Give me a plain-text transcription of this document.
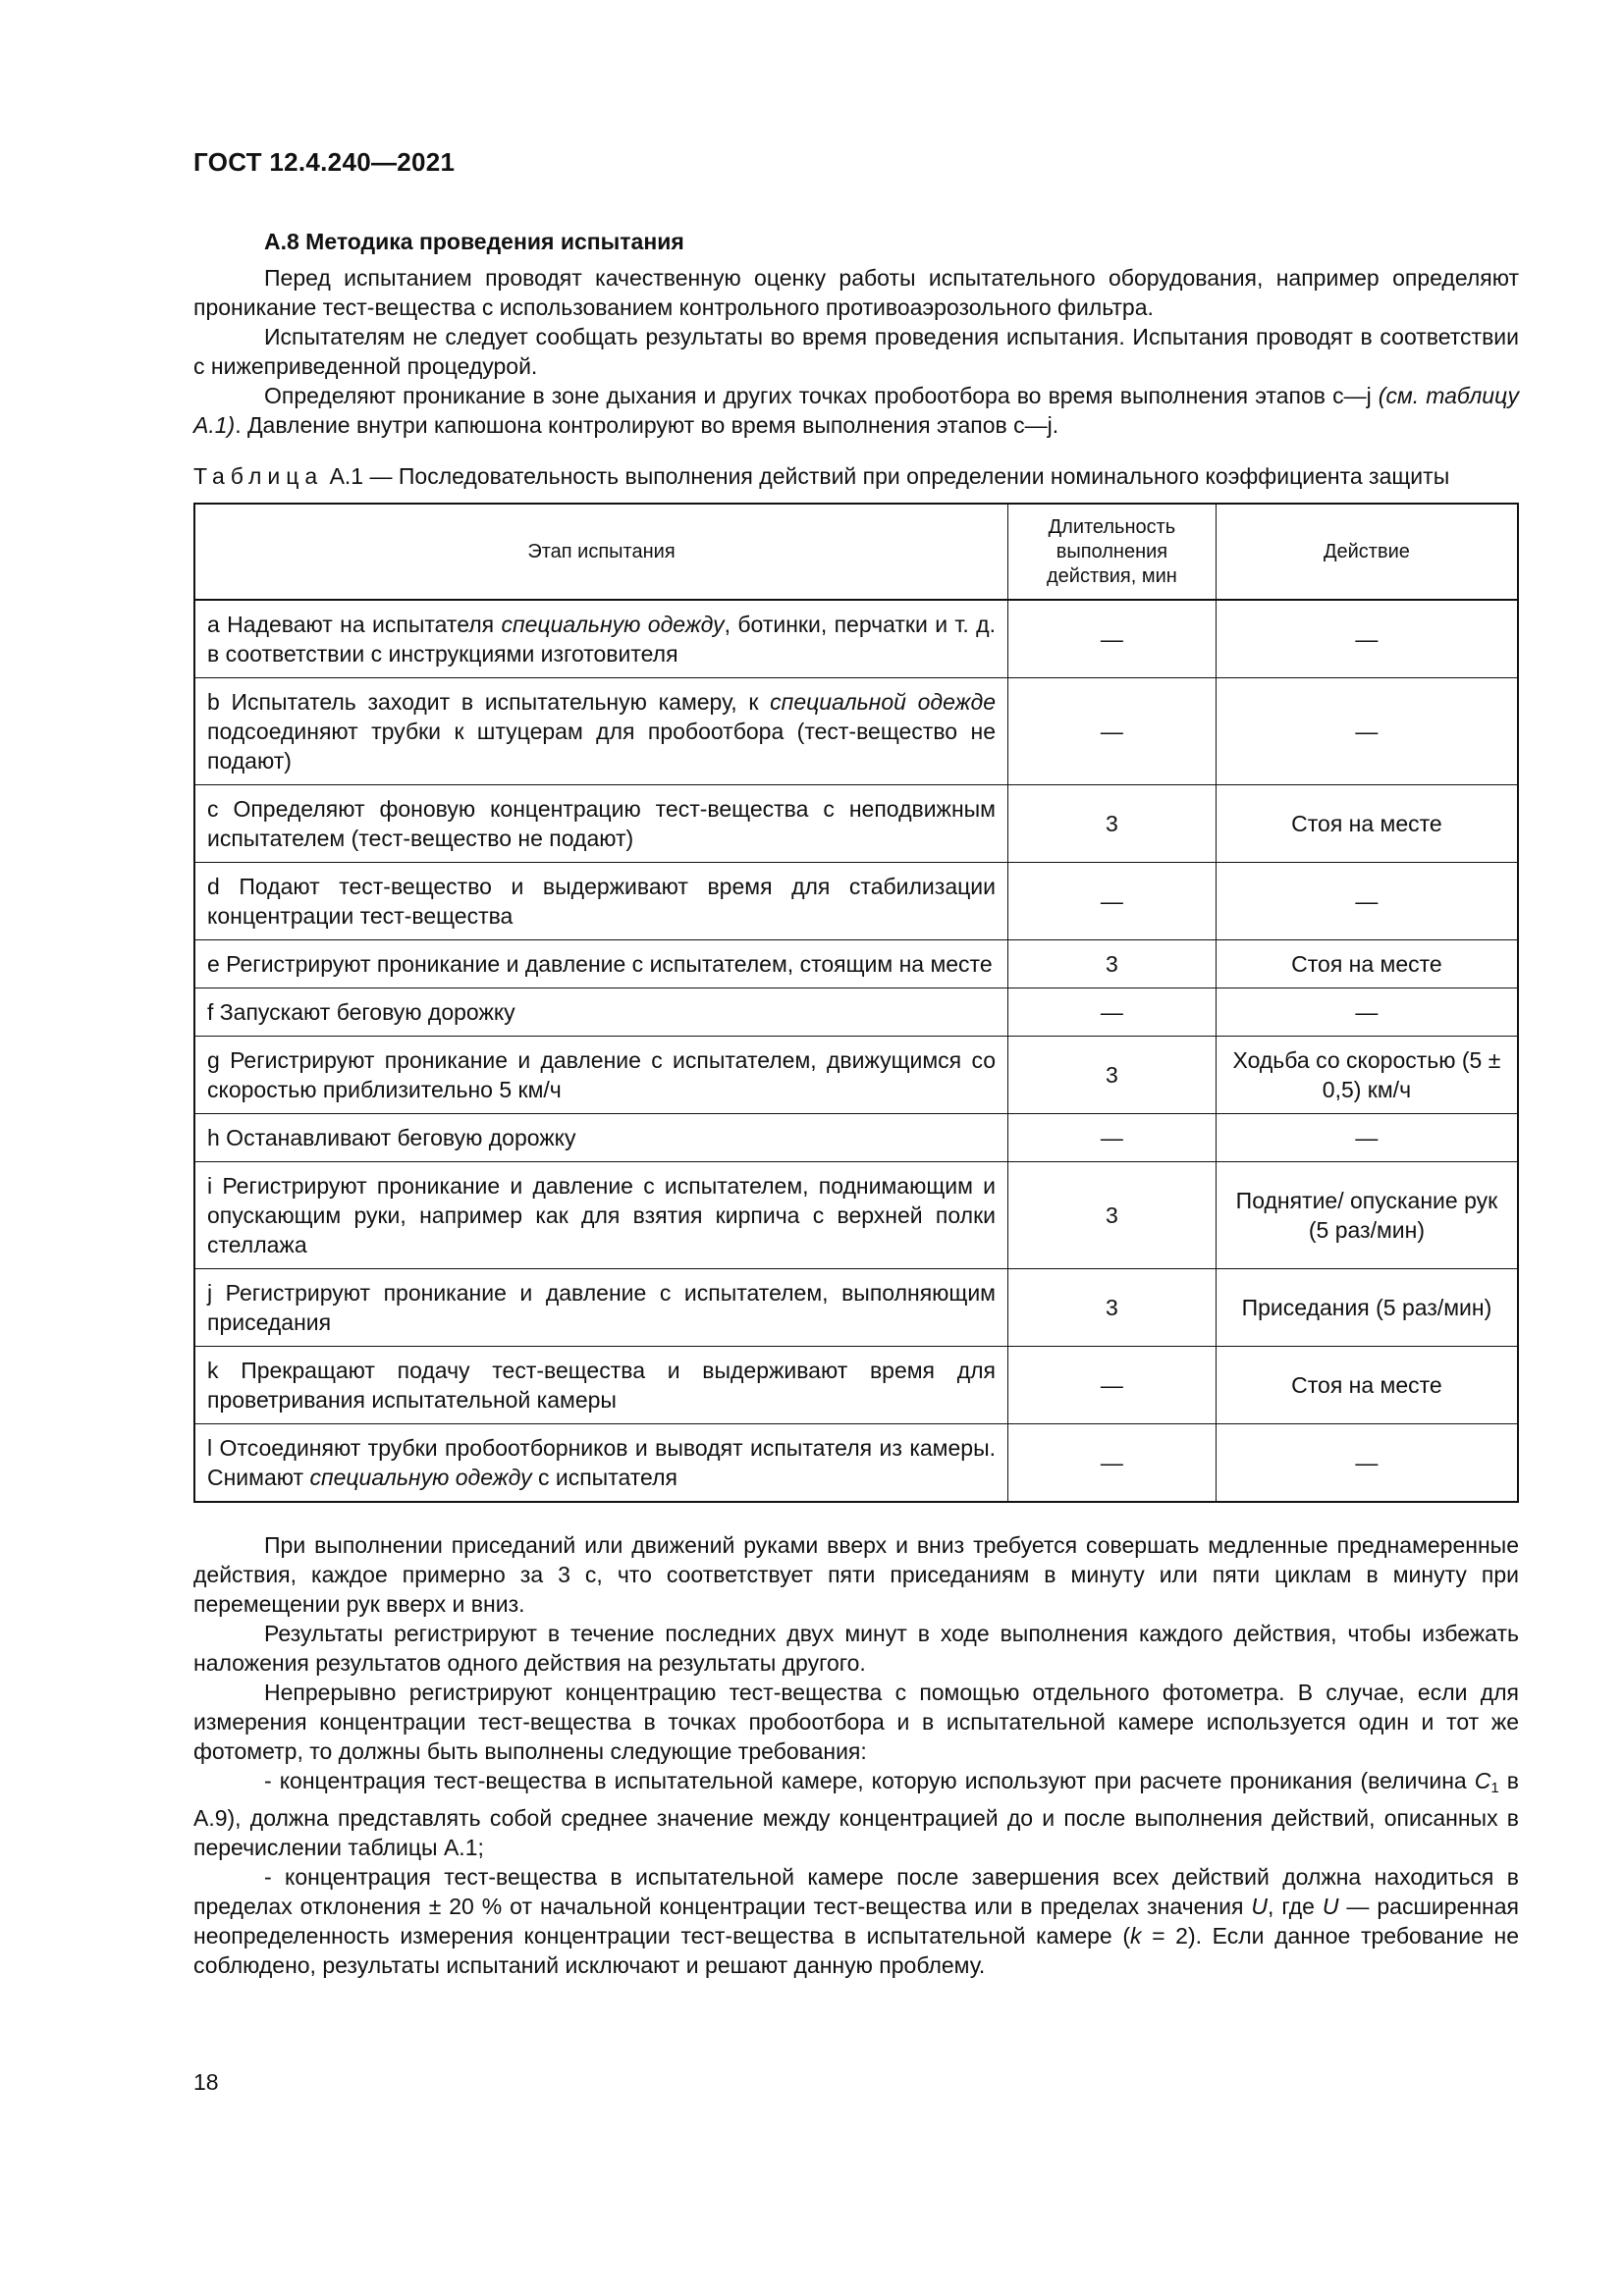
ГОСТ 12.4.240—2021
А.8 Методика проведения испытания

Перед испытанием проводят качественную оценку работы испытательного оборудования, например определяют проникание тест-вещества с использованием контрольного противоаэрозольного фильтра.

Испытателям не следует сообщать результаты во время проведения испытания. Испытания проводят в соответствии с нижеприведенной процедурой.

Определяют проникание в зоне дыхания и других точках пробоотбора во время выполнения этапов с—j (см. таблицу А.1). Давление внутри капюшона контролируют во время выполнения этапов с—j.

Таблица А.1 — Последовательность выполнения действий при определении номинального коэффициента защиты
Этап испытания	Длительность выполнения действия, мин	Действие

a Надевают на испытателя специальную одежду, ботинки, перчатки и т. д. в соответствии с инструкциями изготовителя	—	—
b Испытатель заходит в испытательную камеру, к специальной одежде подсоединяют трубки к штуцерам для пробоотбора (тест-вещество не подают)	—	—
c Определяют фоновую концентрацию тест-вещества с неподвижным испытателем (тест-вещество не подают)	3	Стоя на месте
d Подают тест-вещество и выдерживают время для стабилизации концентрации тест-вещества	—	—
e Регистрируют проникание и давление с испытателем, стоящим на месте	3	Стоя на месте
f Запускают беговую дорожку	—	—
g Регистрируют проникание и давление с испытателем, движущимся со скоростью приблизительно 5 км/ч	3	Ходьба со скоростью (5 ± 0,5) км/ч
h Останавливают беговую дорожку	—	—
i Регистрируют проникание и давление с испытателем, поднимающим и опускающим руки, например как для взятия кирпича с верхней полки стеллажа	3	Поднятие/ опускание рук (5 раз/мин)
j Регистрируют проникание и давление с испытателем, выполняющим приседания	3	Приседания (5 раз/мин)
k Прекращают подачу тест-вещества и выдерживают время для проветривания испытательной камеры	—	Стоя на месте
l Отсоединяют трубки пробоотборников и выводят испытателя из камеры. Снимают специальную одежду с испытателя	—	—

При выполнении приседаний или движений руками вверх и вниз требуется совершать медленные преднамеренные действия, каждое примерно за 3 с, что соответствует пяти приседаниям в минуту или пяти циклам в минуту при перемещении рук вверх и вниз.

Результаты регистрируют в течение последних двух минут в ходе выполнения каждого действия, чтобы избежать наложения результатов одного действия на результаты другого.

Непрерывно регистрируют концентрацию тест-вещества с помощью отдельного фотометра. В случае, если для измерения концентрации тест-вещества в точках пробоотбора и в испытательной камере используется один и тот же фотометр, то должны быть выполнены следующие требования:

- концентрация тест-вещества в испытательной камере, которую используют при расчете проникания (величина $C_1$ в А.9), должна представлять собой среднее значение между концентрацией до и после выполнения действий, описанных в перечислении таблицы А.1;

- концентрация тест-вещества в испытательной камере после завершения всех действий должна находиться в пределах отклонения ± 20 % от начальной концентрации тест-вещества или в пределах значения U, где U — расширенная неопределенность измерения концентрации тест-вещества в испытательной камере (k = 2). Если данное требование не соблюдено, результаты испытаний исключают и решают данную проблему.

18
